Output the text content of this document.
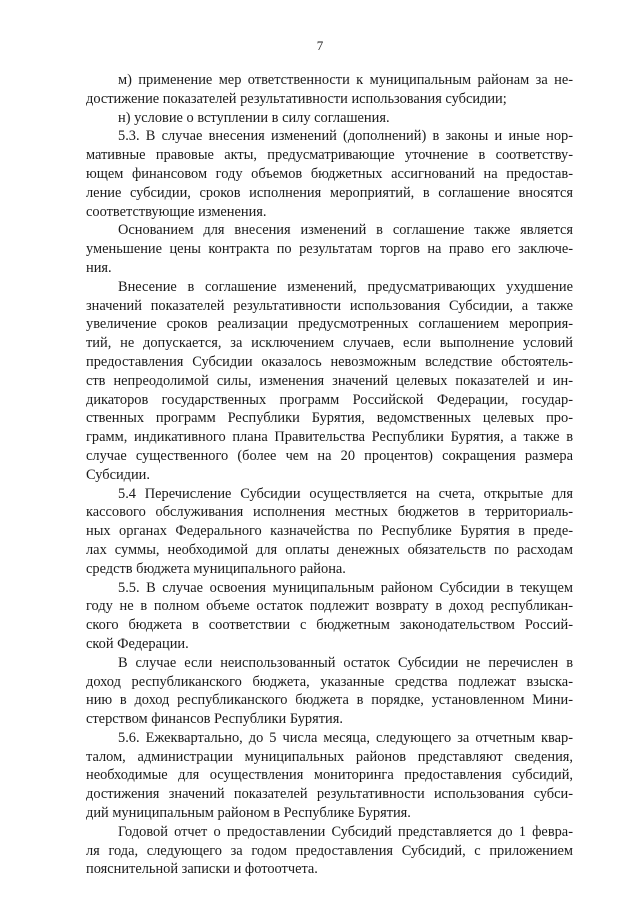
7

м) применение мер ответственности к муниципальным районам за не-
достижение показателей результативности использования субсидии;

н) условие о вступлении в силу соглашения.

5.3. В случае внесения изменений (дополнений) в законы и иные нор-
мативные правовые акты, предусматривающие уточнение в соответству-
ющем финансовом году объемов бюджетных ассигнований на предостав-
ление субсидии, сроков исполнения мероприятий, в соглашение вносятся
соответствующие изменения.

Основанием для внесения изменений в соглашение также является
уменьшение цены контракта по результатам торгов на право его заключе-
ния.

Внесение в соглашение изменений, предусматривающих ухудшение
значений показателей результативности использования Субсидии, а также
увеличение сроков реализации предусмотренных соглашением мероприя-
тий, не допускается, за исключением случаев, если выполнение условий
предоставления Субсидии оказалось невозможным вследствие обстоятель-
ств непреодолимой силы, изменения значений целевых показателей и ин-
дикаторов государственных программ Российской Федерации, государ-
ственных программ Республики Бурятия, ведомственных целевых про-
грамм, индикативного плана Правительства Республики Бурятия, а также в
случае существенного (более чем на 20 процентов) сокращения размера
Субсидии.

5.4 Перечисление Субсидии осуществляется на счета, открытые для
кассового обслуживания исполнения местных бюджетов в территориаль-
ных органах Федерального казначейства по Республике Бурятия в преде-
лах суммы, необходимой для оплаты денежных обязательств по расходам
средств бюджета муниципального района.

5.5. В случае освоения муниципальным районом Субсидии в текущем
году не в полном объеме остаток подлежит возврату в доход республикан-
ского бюджета в соответствии с бюджетным законодательством Россий-
ской Федерации.

В случае если неиспользованный остаток Субсидии не перечислен в
доход республиканского бюджета, указанные средства подлежат взыска-
нию в доход республиканского бюджета в порядке, установленном Мини-
стерством финансов Республики Бурятия.

5.6. Ежеквартально, до 5 числа месяца, следующего за отчетным квар-
талом, администрации муниципальных районов представляют сведения,
необходимые для осуществления мониторинга предоставления субсидий,
достижения значений показателей результативности использования субси-
дий муниципальным районом в Республике Бурятия.

Годовой отчет о предоставлении Субсидий представляется до 1 февра-
ля года, следующего за годом предоставления Субсидий, с приложением
пояснительной записки и фотоотчета.
